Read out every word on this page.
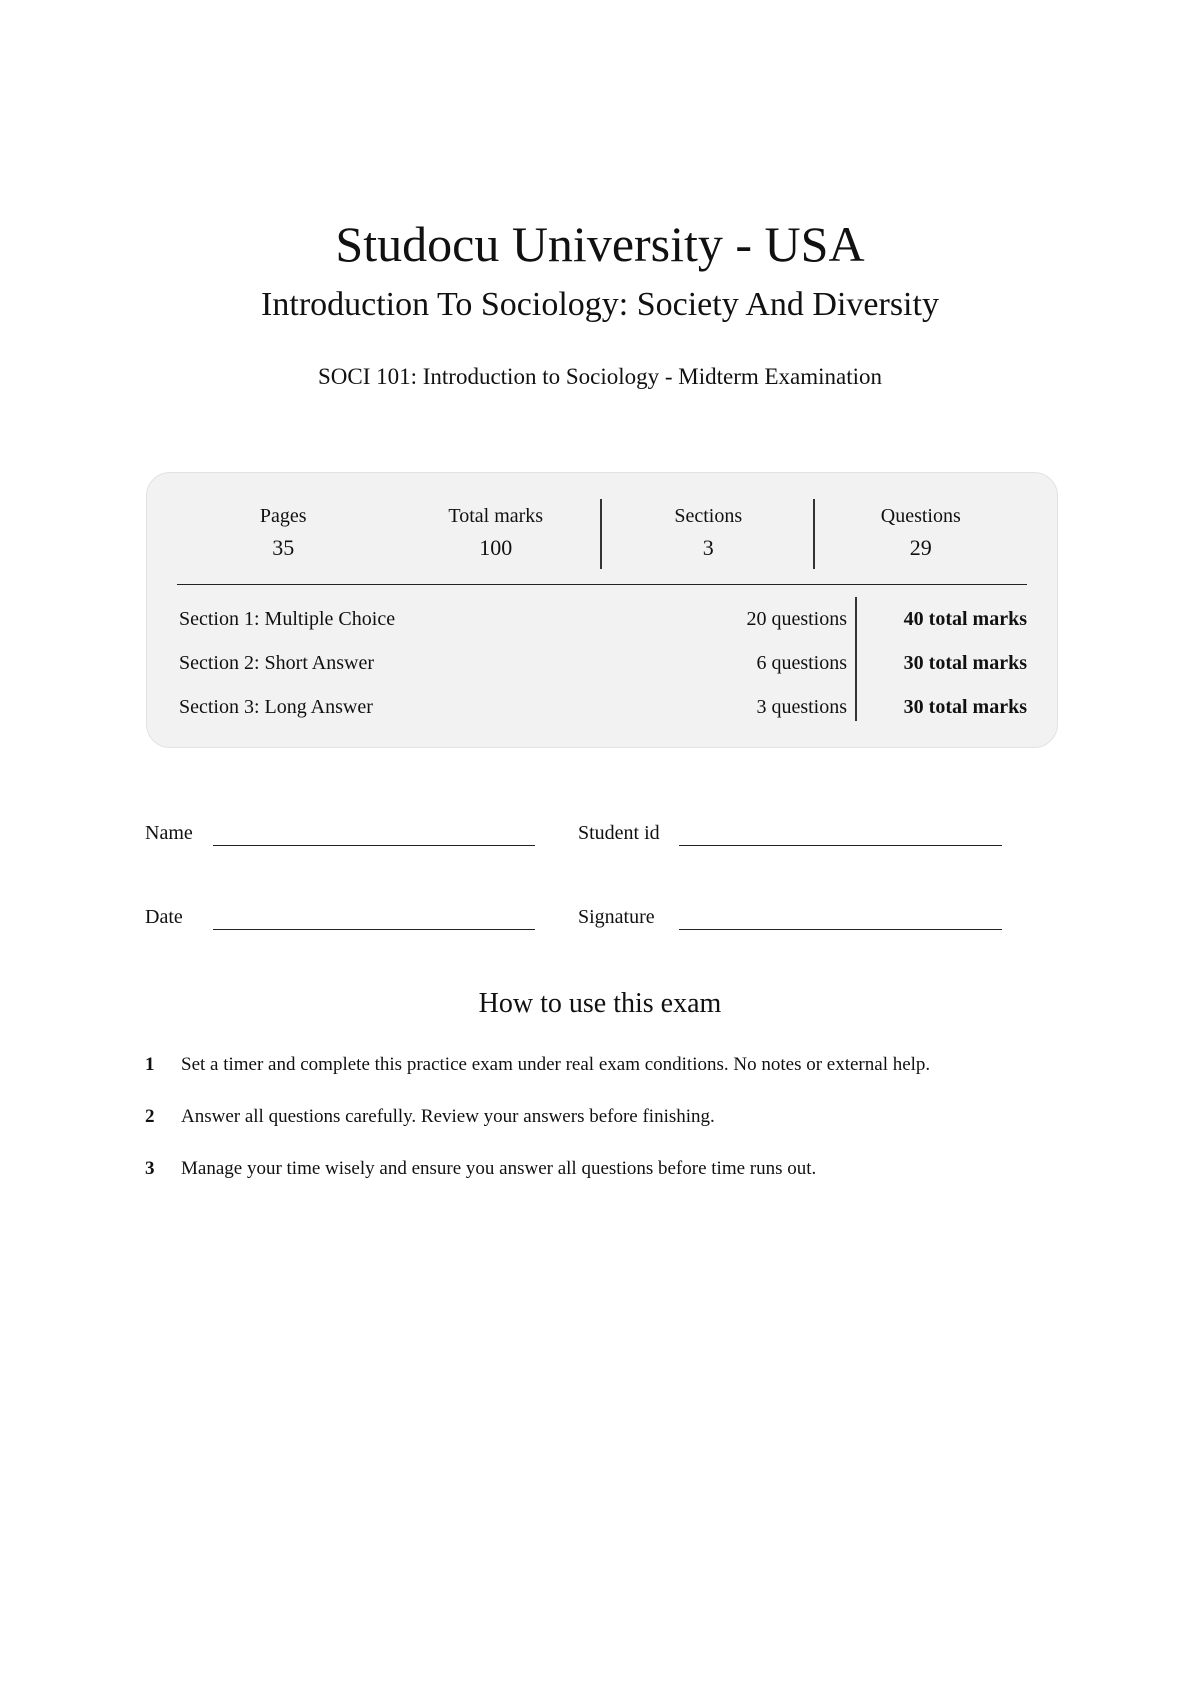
Studocu University - USA
Introduction To Sociology: Society And Diversity
SOCI 101: Introduction to Sociology - Midterm Examination
Pages
35
Total marks
100
Sections
3
Questions
29
Section 1: Multiple Choice	20 questions	40 total marks
Section 2: Short Answer	6 questions	30 total marks
Section 3: Long Answer	3 questions	30 total marks
Name	Student id
Date	Signature
How to use this exam
1 Set a timer and complete this practice exam under real exam conditions. No notes or external help.
2 Answer all questions carefully. Review your answers before finishing.
3 Manage your time wisely and ensure you answer all questions before time runs out.
